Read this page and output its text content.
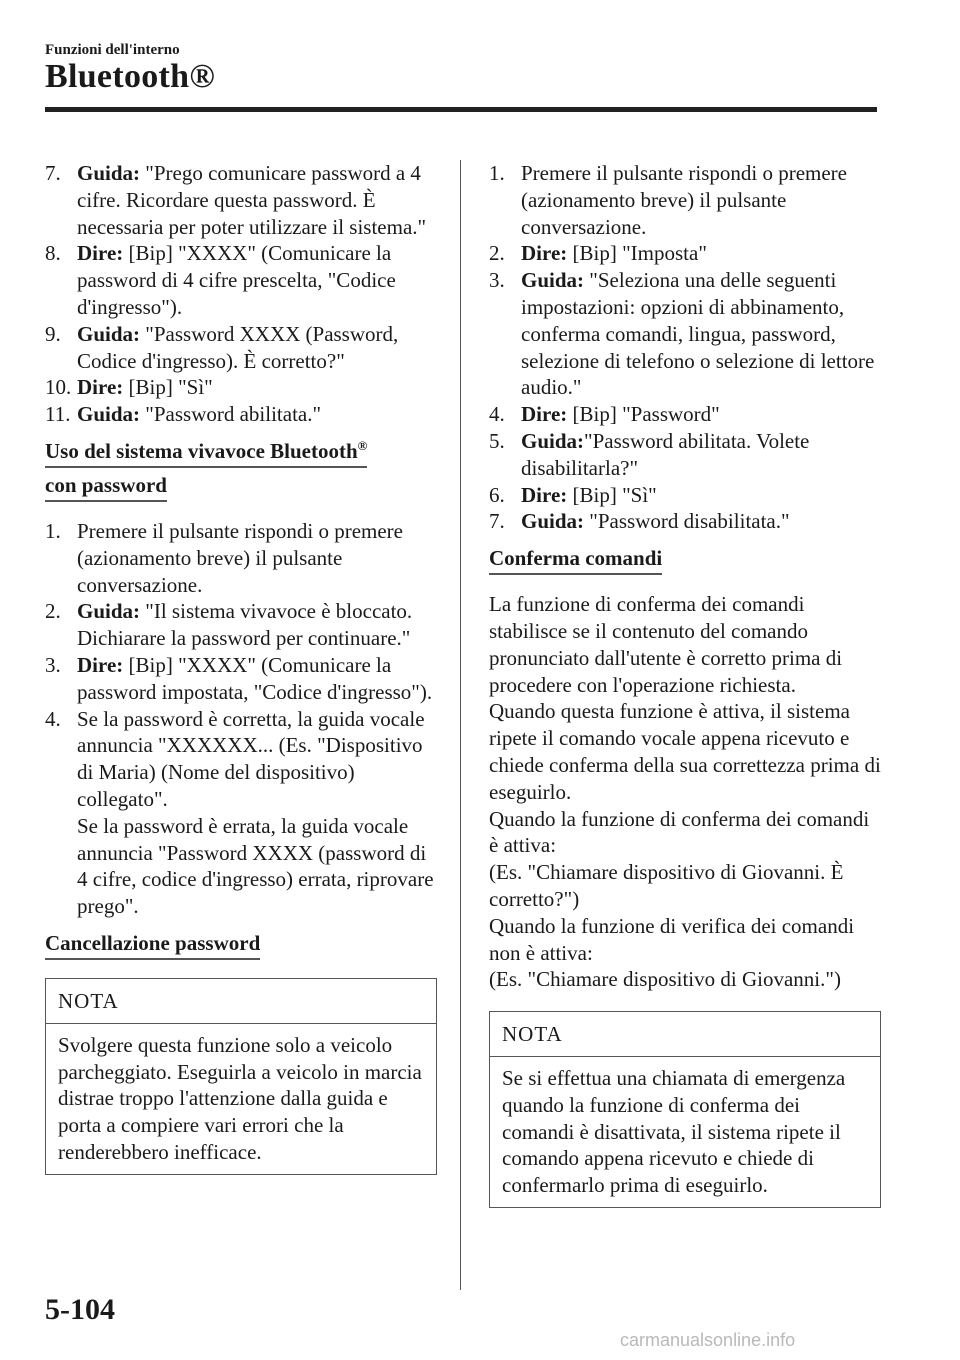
Funzioni dell'interno
Bluetooth®
7. Guida: "Prego comunicare password a 4 cifre. Ricordare questa password. È necessaria per poter utilizzare il sistema."
8. Dire: [Bip] "XXXX" (Comunicare la password di 4 cifre prescelta, "Codice d'ingresso").
9. Guida: "Password XXXX (Password, Codice d'ingresso). È corretto?"
10. Dire: [Bip] "Sì"
11. Guida: "Password abilitata."
Uso del sistema vivavoce Bluetooth®
con password
1. Premere il pulsante rispondi o premere (azionamento breve) il pulsante conversazione.
2. Guida: "Il sistema vivavoce è bloccato. Dichiarare la password per continuare."
3. Dire: [Bip] "XXXX" (Comunicare la password impostata, "Codice d'ingresso").
4. Se la password è corretta, la guida vocale annuncia "XXXXXX... (Es. "Dispositivo di Maria) (Nome del dispositivo) collegato".
Se la password è errata, la guida vocale annuncia "Password XXXX (password di 4 cifre, codice d'ingresso) errata, riprovare prego".
Cancellazione password
NOTA
Svolgere questa funzione solo a veicolo parcheggiato. Eseguirla a veicolo in marcia distrae troppo l'attenzione dalla guida e porta a compiere vari errori che la renderebbero inefficace.
1. Premere il pulsante rispondi o premere (azionamento breve) il pulsante conversazione.
2. Dire: [Bip] "Imposta"
3. Guida: "Seleziona una delle seguenti impostazioni: opzioni di abbinamento, conferma comandi, lingua, password, selezione di telefono o selezione di lettore audio."
4. Dire: [Bip] "Password"
5. Guida:"Password abilitata. Volete disabilitarla?"
6. Dire: [Bip] "Sì"
7. Guida: "Password disabilitata."
Conferma comandi

La funzione di conferma dei comandi stabilisce se il contenuto del comando pronunciato dall'utente è corretto prima di procedere con l'operazione richiesta.

Quando questa funzione è attiva, il sistema ripete il comando vocale appena ricevuto e chiede conferma della sua correttezza prima di eseguirlo.

Quando la funzione di conferma dei comandi è attiva:

(Es. "Chiamare dispositivo di Giovanni. È corretto?")

Quando la funzione di verifica dei comandi non è attiva:

(Es. "Chiamare dispositivo di Giovanni.")

NOTA
Se si effettua una chiamata di emergenza quando la funzione di conferma dei comandi è disattivata, il sistema ripete il comando appena ricevuto e chiede di confermarlo prima di eseguirlo.
5-104
carmanualsonline.info
